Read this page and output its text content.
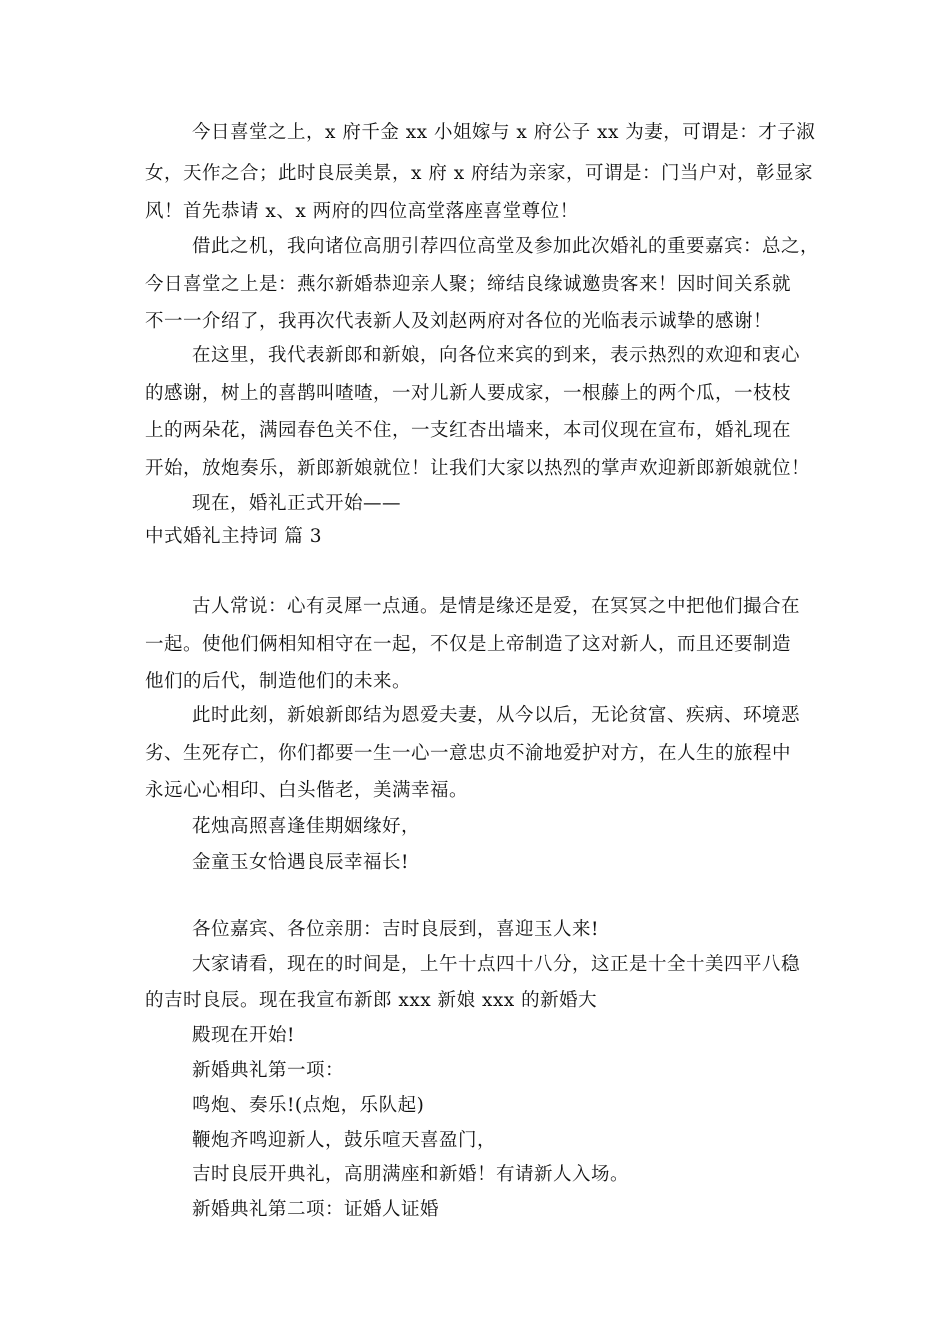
今日喜堂之上，x 府千金 xx 小姐嫁与 x 府公子 xx 为妻，可谓是：才子淑
女，天作之合；此时良辰美景，x 府 x 府结为亲家，可谓是：门当户对，彰显家
风！首先恭请 x、x 两府的四位高堂落座喜堂尊位！
借此之机，我向诸位高朋引荐四位高堂及参加此次婚礼的重要嘉宾：总之，
今日喜堂之上是：燕尔新婚恭迎亲人聚；缔结良缘诚邀贵客来！因时间关系就
不一一介绍了，我再次代表新人及刘赵两府对各位的光临表示诚挚的感谢！
在这里，我代表新郎和新娘，向各位来宾的到来，表示热烈的欢迎和衷心
的感谢，树上的喜鹊叫喳喳，一对儿新人要成家，一根藤上的两个瓜，一枝枝
上的两朵花，满园春色关不住，一支红杏出墙来，本司仪现在宣布，婚礼现在
开始，放炮奏乐，新郎新娘就位！让我们大家以热烈的掌声欢迎新郎新娘就位！
现在，婚礼正式开始——
中式婚礼主持词 篇 3
古人常说：心有灵犀一点通。是情是缘还是爱，在冥冥之中把他们撮合在
一起。使他们俩相知相守在一起，不仅是上帝制造了这对新人，而且还要制造
他们的后代，制造他们的未来。
此时此刻，新娘新郎结为恩爱夫妻，从今以后，无论贫富、疾病、环境恶
劣、生死存亡，你们都要一生一心一意忠贞不渝地爱护对方，在人生的旅程中
永远心心相印、白头偕老，美满幸福。
花烛高照喜逢佳期姻缘好，
金童玉女恰遇良辰幸福长!
各位嘉宾、各位亲朋：吉时良辰到，喜迎玉人来!
大家请看，现在的时间是，上午十点四十八分，这正是十全十美四平八稳
的吉时良辰。现在我宣布新郎 xxx 新娘 xxx 的新婚大
殿现在开始!
新婚典礼第一项：
鸣炮、奏乐!(点炮，乐队起)
鞭炮齐鸣迎新人，鼓乐喧天喜盈门，
吉时良辰开典礼，高朋满座和新婚！有请新人入场。
新婚典礼第二项：证婚人证婚
